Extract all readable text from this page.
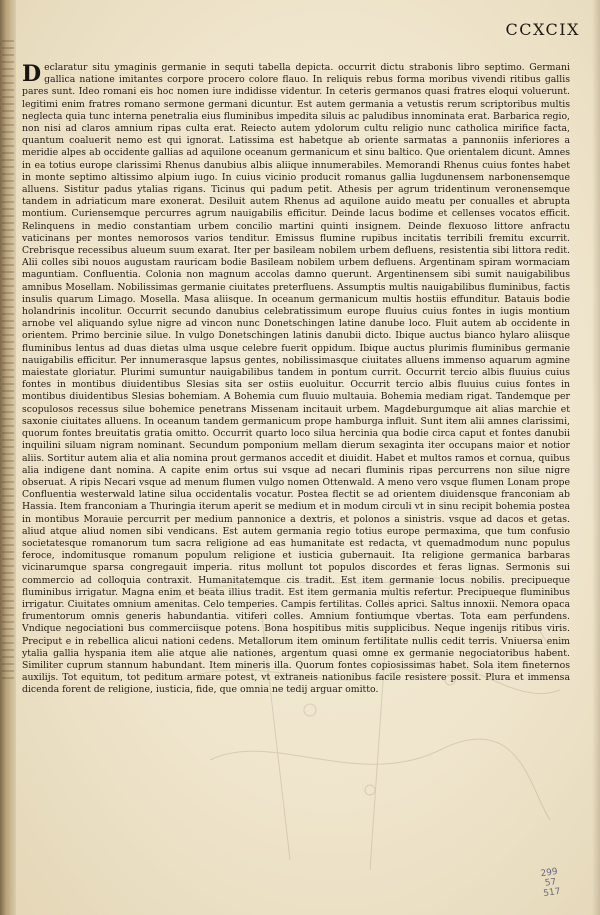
CCXCIX

Declaratur situ ymaginis germanie in sequti tabella depicta. occurrit dictu strabonis libro septimo. Germani gallica natione imitantes corpore procero colore flauo. In reliquis rebus forma moribus vivendi ritibus gallis pares sunt. Ideo romani eis hoc nomen iure indidisse videntur. In ceteris germanos quasi fratres eloqui voluerunt. legitimi enim fratres romano sermone germani dicuntur. Est autem germania a vetustis rerum scriptoribus multis neglecta quia tunc interna penetralia eius fluminibus impedita siluis ac paludibus innominata erat. Barbarica regio, non nisi ad claros amnium ripas culta erat. Reiecto autem ydolorum cultu religio nunc catholica mirifice facta, quantum coaluerit nemo est qui ignorat. Latissima est habetque ab oriente sarmatas a pannoniis inferiores a meridie alpes ab occidente gallias ad aquilone oceanum germanicum et sinu baltico. Que orientalem dicunt. Amnes in ea totius europe clarissimi Rhenus danubius albis aliique innumerabiles. Memorandi Rhenus cuius fontes habet in monte septimo altissimo alpium iugo. In cuius vicinio producit romanus gallia lugdunensem narbonensemque alluens. Sistitur padus ytalias rigans. Ticinus qui padum petit. Athesis per agrum tridentinum veronensemque tandem in adriaticum mare exonerat. Desiluit autem Rhenus ad aquilone auido meatu per conualles et abrupta montium. Curiensemque percurres agrum nauigabilis efficitur. Deinde lacus bodime et cellenses vocatos efficit. Relinquens in medio constantiam urbem concilio martini quinti insignem. Deinde flexuoso littore anfractu vaticinans per montes nemorosos varios tenditur. Emissus flumine rupibus incitatis terribili fremitu excurrit. Crebrisque recessibus alueum suum exarat. Iter per basileam nobilem urbem defluens, resistentia sibi littora redit. Alii colles sibi nouos augustam rauricam bodie Basileam nobilem urbem defluens. Argentinam spiram wormaciam maguntiam. Confluentia. Colonia non magnum accolas damno querunt. Argentinensem sibi sumit nauigabilibus amnibus Mosellam. Nobilissimas germanie ciuitates preterfluens. Assumptis multis nauigabilibus fluminibus, factis insulis quarum Limago. Mosella. Masa aliisque. In oceanum germanicum multis hostiis effunditur. Batauis bodie holandrinis incolitur. Occurrit secundo danubius celebratissimum europe fluuius cuius fontes in iugis montium arnobe vel aliquando sylue nigre ad vincon nunc Donetschingen latine danube loco. Fluit autem ab occidente in orientem. Primo bercinie silue. In vulgo Donetschingen latinis danubii dicto. Ibique auctus bianco hylaro aliisque fluminibus lentus ad duas dietas ulma usque celebre fuerit oppidum. Ibique auctus plurimis fluminibus germanie nauigabilis efficitur. Per innumerasque lapsus gentes, nobilissimasque ciuitates alluens immenso aquarum agmine maiestate gloriatur. Plurimi sumuntur nauigabilibus tandem in pontum currit. Occurrit tercio albis fluuius cuius fontes in montibus diuidentibus Slesias sita ser ostiis euoluitur. Occurrit tercio albis fluuius cuius fontes in montibus diuidentibus Slesias bohemiam. A Bohemia cum fluuio multauia. Bohemia mediam rigat. Tandemque per scopulosos recessus silue bohemice penetrans Missenam incitauit urbem. Magdeburgumque ait alias marchie et saxonie ciuitates alluens. In oceanum tandem germanicum prope hamburga influit. Sunt item alii amnes clarissimi, quorum fontes breuitatis gratia omitto. Occurrit quarto loco silua hercinia qua bodie circa caput et fontes danubii inquilini siluam nigram nominant. Secundum pomponium mellam dierum sexaginta iter occupans maior et notior aliis. Sortitur autem alia et alia nomina prout germanos accedit et diuidit. Habet et multos ramos et cornua, quibus alia indigene dant nomina. A capite enim ortus sui vsque ad necari fluminis ripas percurrens non silue nigre obseruat. A ripis Necari vsque ad menum flumen vulgo nomen Ottenwald. A meno vero vsque flumen Lonam prope Confluentia westerwald latine silua occidentalis vocatur. Postea flectit se ad orientem diuidensque franconiam ab Hassia. Item franconiam a Thuringia iterum aperit se medium et in modum circuli vt in sinu recipit bohemia postea in montibus Morauie percurrit per medium pannonice a dextris, et polonos a sinistris. vsque ad dacos et getas. aliud atque aliud nomen sibi vendicans. Est autem germania regio totius europe permaxima, que tum confusio societatesque romanorum tum sacra religione ad eas humanitate est redacta, vt quemadmodum nunc populus feroce, indomitusque romanum populum religione et iusticia gubernauit. Ita religione germanica barbaras vicinarumque sparsa congregauit imperia. ritus mollunt tot populos discordes et feras lignas. Sermonis sui commercio ad colloquia contraxit. Humanitatemque cis tradit. Est item germanie locus nobilis. precipueque fluminibus irrigatur. Magna enim et beata illius tradit. Est item germania multis refertur. Precipueque fluminibus irrigatur. Ciuitates omnium amenitas. Celo temperies. Campis fertilitas. Colles aprici. Saltus innoxii. Nemora opaca frumentorum omnis generis habundantia. vitiferi colles. Amnium fontiumque vbertas. Tota eam perfundens. Vndique negociationi bus commerciisque potens. Bona hospitibus mitis supplicibus. Neque ingenijs ritibus viris. Preciput e in rebellica alicui nationi cedens. Metallorum item ominum fertilitate nullis cedit terris. Vniuersa enim ytalia gallia hyspania item alie atque alie nationes, argentum quasi omne ex germanie negociatoribus habent. Similiter cuprum stannum habundant. Item mineris illa. Quorum fontes copiosissimas habet. Sola item fineternos auxilijs. Tot equitum, tot peditum armare potest, vt extraneis nationibus facile resistere possit. Plura et immensa dicenda forent de religione, iusticia, fide, que omnia ne tedij arguar omitto.

299
57
517
